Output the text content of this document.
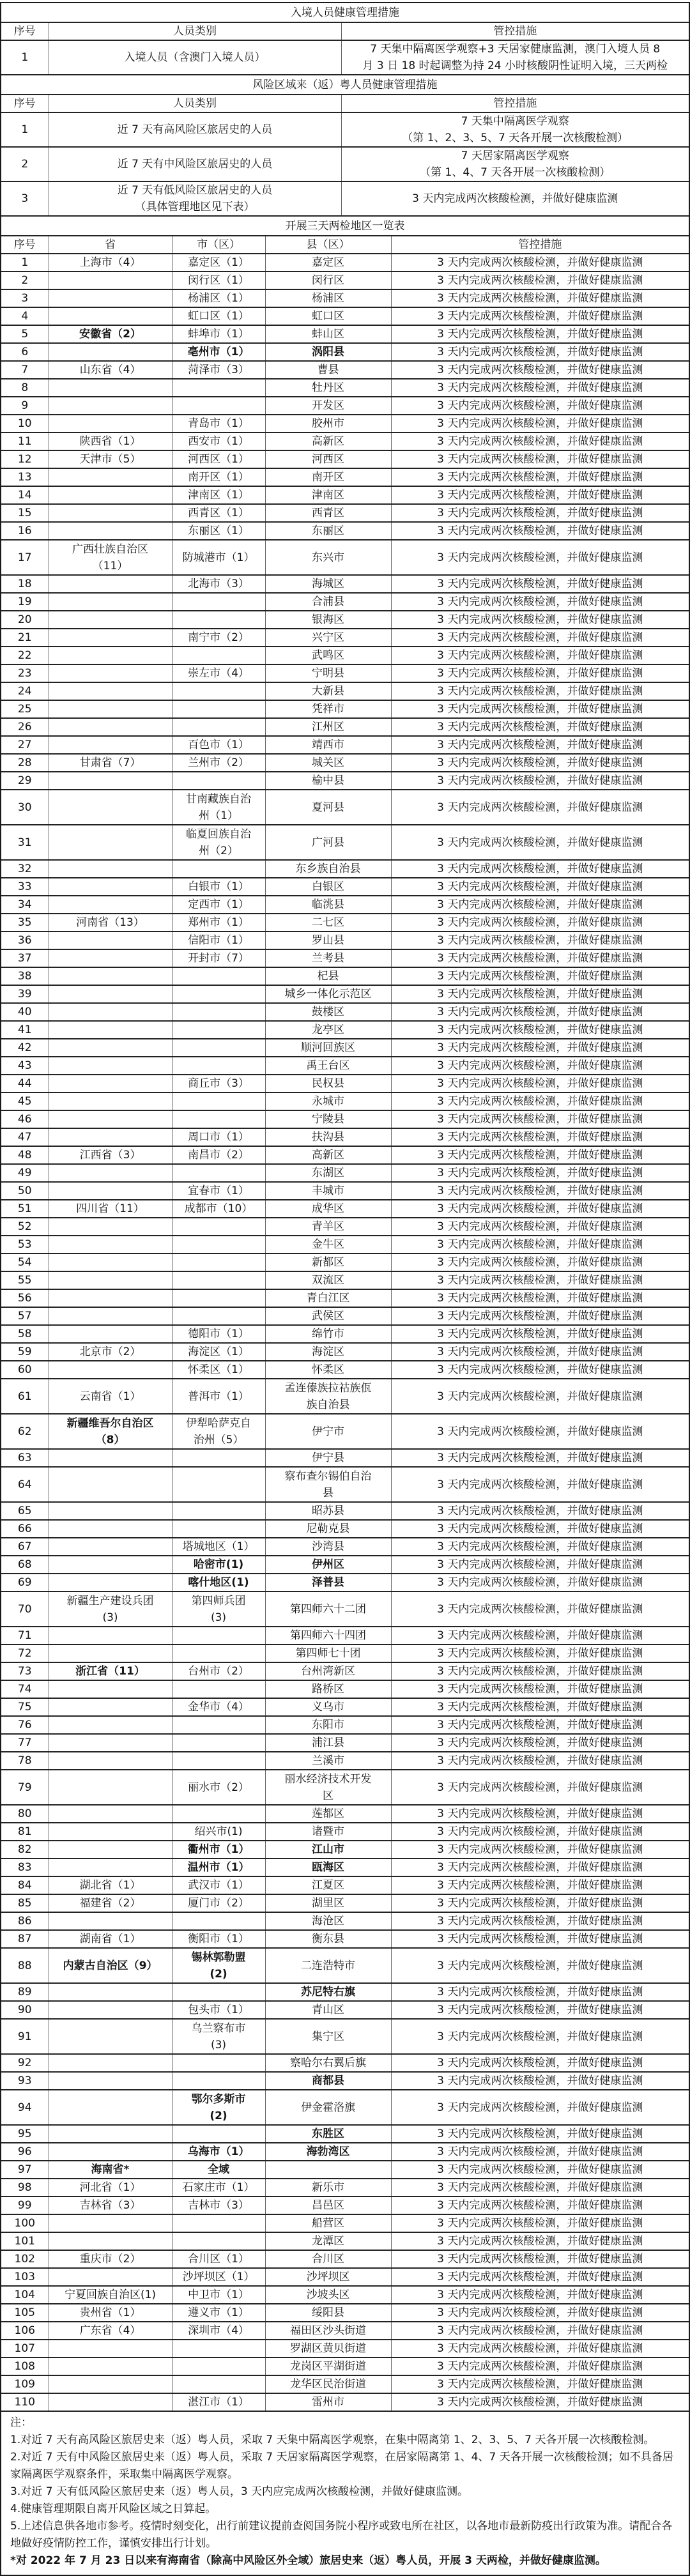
入境人员健康管理措施		
序号	人员类别	管控措施
1	入境人员（含澳门入境人员）	7 天集中隔离医学观察+3 天居家健康监测，澳门入境人员 8
月 3 日 18 时起调整为持 24 小时核酸阴性证明入境，三天两检
风险区域来（返）粤人员健康管理措施		
序号	人员类别	管控措施
1	近 7 天有高风险区旅居史的人员	7 天集中隔离医学观察
（第 1、2、3、5、7 天各开展一次核酸检测）
2	近 7 天有中风险区旅居史的人员	7 天居家隔离医学观察
（第 1、4、7 天各开展一次核酸检测）
3	近 7 天有低风险区旅居史的人员
（具体管理地区见下表）	3 天内完成两次核酸检测，并做好健康监测
开展三天两检地区一览表				
序号	省	市（区）	县（区）	管控措施
1	上海市（4）	嘉定区（1）	嘉定区	3 天内完成两次核酸检测，并做好健康监测
2		闵行区（1）	闵行区	3 天内完成两次核酸检测，并做好健康监测
3		杨浦区（1）	杨浦区	3 天内完成两次核酸检测，并做好健康监测
4		虹口区（1）	虹口区	3 天内完成两次核酸检测，并做好健康监测
5	安徽省（2）	蚌埠市（1）	蚌山区	3 天内完成两次核酸检测，并做好健康监测
6		亳州市（1）	涡阳县	3 天内完成两次核酸检测，并做好健康监测
7	山东省（4）	菏泽市（3）	曹县	3 天内完成两次核酸检测，并做好健康监测
8			牡丹区	3 天内完成两次核酸检测，并做好健康监测
9			开发区	3 天内完成两次核酸检测，并做好健康监测
10		青岛市（1）	胶州市	3 天内完成两次核酸检测，并做好健康监测
11	陕西省（1）	西安市（1）	高新区	3 天内完成两次核酸检测，并做好健康监测
12	天津市（5）	河西区（1）	河西区	3 天内完成两次核酸检测，并做好健康监测
13		南开区（1）	南开区	3 天内完成两次核酸检测，并做好健康监测
14		津南区（1）	津南区	3 天内完成两次核酸检测，并做好健康监测
15		西青区（1）	西青区	3 天内完成两次核酸检测，并做好健康监测
16		东丽区（1）	东丽区	3 天内完成两次核酸检测，并做好健康监测
17	广西壮族自治区
（11）	防城港市（1）	东兴市	3 天内完成两次核酸检测，并做好健康监测
18		北海市（3）	海城区	3 天内完成两次核酸检测，并做好健康监测
19			合浦县	3 天内完成两次核酸检测，并做好健康监测
20			银海区	3 天内完成两次核酸检测，并做好健康监测
21		南宁市（2）	兴宁区	3 天内完成两次核酸检测，并做好健康监测
22			武鸣区	3 天内完成两次核酸检测，并做好健康监测
23		崇左市（4）	宁明县	3 天内完成两次核酸检测，并做好健康监测
24			大新县	3 天内完成两次核酸检测，并做好健康监测
25			凭祥市	3 天内完成两次核酸检测，并做好健康监测
26			江州区	3 天内完成两次核酸检测，并做好健康监测
27		百色市（1）	靖西市	3 天内完成两次核酸检测，并做好健康监测
28	甘肃省（7）	兰州市（2）	城关区	3 天内完成两次核酸检测，并做好健康监测
29			榆中县	3 天内完成两次核酸检测，并做好健康监测
30		甘南藏族自治
州（1）	夏河县	3 天内完成两次核酸检测，并做好健康监测
31		临夏回族自治
州（2）	广河县	3 天内完成两次核酸检测，并做好健康监测
32			东乡族自治县	3 天内完成两次核酸检测，并做好健康监测
33		白银市（1）	白银区	3 天内完成两次核酸检测，并做好健康监测
34		定西市（1）	临洮县	3 天内完成两次核酸检测，并做好健康监测
35	河南省（13）	郑州市（1）	二七区	3 天内完成两次核酸检测，并做好健康监测
36		信阳市（1）	罗山县	3 天内完成两次核酸检测，并做好健康监测
37		开封市（7）	兰考县	3 天内完成两次核酸检测，并做好健康监测
38			杞县	3 天内完成两次核酸检测，并做好健康监测
39			城乡一体化示范区	3 天内完成两次核酸检测，并做好健康监测
40			鼓楼区	3 天内完成两次核酸检测，并做好健康监测
41			龙亭区	3 天内完成两次核酸检测，并做好健康监测
42			顺河回族区	3 天内完成两次核酸检测，并做好健康监测
43			禹王台区	3 天内完成两次核酸检测，并做好健康监测
44		商丘市（3）	民权县	3 天内完成两次核酸检测，并做好健康监测
45			永城市	3 天内完成两次核酸检测，并做好健康监测
46			宁陵县	3 天内完成两次核酸检测，并做好健康监测
47		周口市（1）	扶沟县	3 天内完成两次核酸检测，并做好健康监测
48	江西省（3）	南昌市（2）	高新区	3 天内完成两次核酸检测，并做好健康监测
49			东湖区	3 天内完成两次核酸检测，并做好健康监测
50		宜春市（1）	丰城市	3 天内完成两次核酸检测，并做好健康监测
51	四川省（11）	成都市（10）	成华区	3 天内完成两次核酸检测，并做好健康监测
52			青羊区	3 天内完成两次核酸检测，并做好健康监测
53			金牛区	3 天内完成两次核酸检测，并做好健康监测
54			新都区	3 天内完成两次核酸检测，并做好健康监测
55			双流区	3 天内完成两次核酸检测，并做好健康监测
56			青白江区	3 天内完成两次核酸检测，并做好健康监测
57			武侯区	3 天内完成两次核酸检测，并做好健康监测
58		德阳市（1）	绵竹市	3 天内完成两次核酸检测，并做好健康监测
59	北京市（2）	海淀区（1）	海淀区	3 天内完成两次核酸检测，并做好健康监测
60		怀柔区（1）	怀柔区	3 天内完成两次核酸检测，并做好健康监测
61	云南省（1）	普洱市（1）	孟连傣族拉祜族佤
族自治县	3 天内完成两次核酸检测，并做好健康监测
62	新疆维吾尔自治区
（8）	伊犁哈萨克自
治州（5）	伊宁市	3 天内完成两次核酸检测，并做好健康监测
63			伊宁县	3 天内完成两次核酸检测，并做好健康监测
64			察布查尔锡伯自治
县	3 天内完成两次核酸检测，并做好健康监测
65			昭苏县	3 天内完成两次核酸检测，并做好健康监测
66			尼勒克县	3 天内完成两次核酸检测，并做好健康监测
67		塔城地区（1）	沙湾县	3 天内完成两次核酸检测，并做好健康监测
68		哈密市(1)	伊州区	3 天内完成两次核酸检测，并做好健康监测
69		喀什地区(1)	泽普县	3 天内完成两次核酸检测，并做好健康监测
70	新疆生产建设兵团
(3)	第四师兵团
(3)	第四师六十二团	3 天内完成两次核酸检测，并做好健康监测
71			第四师六十四团	3 天内完成两次核酸检测，并做好健康监测
72			第四师七十团	3 天内完成两次核酸检测，并做好健康监测
73	浙江省（11）	台州市（2）	台州湾新区	3 天内完成两次核酸检测，并做好健康监测
74			路桥区	3 天内完成两次核酸检测，并做好健康监测
75		金华市（4）	义乌市	3 天内完成两次核酸检测，并做好健康监测
76			东阳市	3 天内完成两次核酸检测，并做好健康监测
77			浦江县	3 天内完成两次核酸检测，并做好健康监测
78			兰溪市	3 天内完成两次核酸检测，并做好健康监测
79		丽水市（2）	丽水经济技术开发
区	3 天内完成两次核酸检测，并做好健康监测
80			莲都区	3 天内完成两次核酸检测，并做好健康监测
81		绍兴市(1)	诸暨市	3 天内完成两次核酸检测，并做好健康监测
82		衢州市（1）	江山市	3 天内完成两次核酸检测，并做好健康监测
83		温州市（1）	瓯海区	3 天内完成两次核酸检测，并做好健康监测
84	湖北省（1）	武汉市（1）	江夏区	3 天内完成两次核酸检测，并做好健康监测
85	福建省（2）	厦门市（2）	湖里区	3 天内完成两次核酸检测，并做好健康监测
86			海沧区	3 天内完成两次核酸检测，并做好健康监测
87	湖南省（1）	衡阳市（1）	衡东县	3 天内完成两次核酸检测，并做好健康监测
88	内蒙古自治区（9）	锡林郭勒盟
(2)	二连浩特市	3 天内完成两次核酸检测，并做好健康监测
89			苏尼特右旗	3 天内完成两次核酸检测，并做好健康监测
90		包头市（1）	青山区	3 天内完成两次核酸检测，并做好健康监测
91		乌兰察布市
(3)	集宁区	3 天内完成两次核酸检测，并做好健康监测
92			察哈尔右翼后旗	3 天内完成两次核酸检测，并做好健康监测
93			商都县	3 天内完成两次核酸检测，并做好健康监测
94		鄂尔多斯市
(2)	伊金霍洛旗	3 天内完成两次核酸检测，并做好健康监测
95			东胜区	3 天内完成两次核酸检测，并做好健康监测
96		乌海市（1）	海勃湾区	3 天内完成两次核酸检测，并做好健康监测
97	海南省*	全域		3 天内完成两次核酸检测，并做好健康监测
98	河北省（1）	石家庄市（1）	新乐市	3 天内完成两次核酸检测，并做好健康监测
99	吉林省（3）	吉林市（3）	昌邑区	3 天内完成两次核酸检测，并做好健康监测
100			船营区	3 天内完成两次核酸检测，并做好健康监测
101			龙潭区	3 天内完成两次核酸检测，并做好健康监测
102	重庆市（2）	合川区（1）	合川区	3 天内完成两次核酸检测，并做好健康监测
103		沙坪坝区（1）	沙坪坝区	3 天内完成两次核酸检测，并做好健康监测
104	宁夏回族自治区(1)	中卫市（1）	沙坡头区	3 天内完成两次核酸检测，并做好健康监测
105	贵州省（1）	遵义市（1）	绥阳县	3 天内完成两次核酸检测，并做好健康监测
106	广东省（4）	深圳市（4）	福田区沙头街道	3 天内完成两次核酸检测，并做好健康监测
107			罗湖区黄贝街道	3 天内完成两次核酸检测，并做好健康监测
108			龙岗区平湖街道	3 天内完成两次核酸检测，并做好健康监测
109			龙华区民治街道	3 天内完成两次核酸检测，并做好健康监测
110		湛江市（1）	雷州市	3 天内完成两次核酸检测，并做好健康监测

注：

1.对近 7 天有高风险区旅居史来（返）粤人员，采取 7 天集中隔离医学观察，在集中隔离第 1、2、3、5、7 天各开展一次核酸检测。

2.对近 7 天有中风险区旅居史来（返）粤人员，采取 7 天居家隔离医学观察，在居家隔离第 1、4、7 天各开展一次核酸检测；如不具备居家隔离医学观察条件，采取集中隔离医学观察。

3.对近 7 天有低风险区旅居史来（返）粤人员，3 天内应完成两次核酸检测，并做好健康监测。

4.健康管理期限自离开风险区域之日算起。

5.上述信息供各地市参考。疫情时刻变化，出行前建议提前查阅国务院小程序或致电所在社区，以各地市最新防疫出行政策为准。请配合各地做好疫情防控工作，谨慎安排出行计划。

*对 2022 年 7 月 23 日以来有海南省（除高中风险区外全域）旅居史来（返）粤人员，开展 3 天两检，并做好健康监测。
